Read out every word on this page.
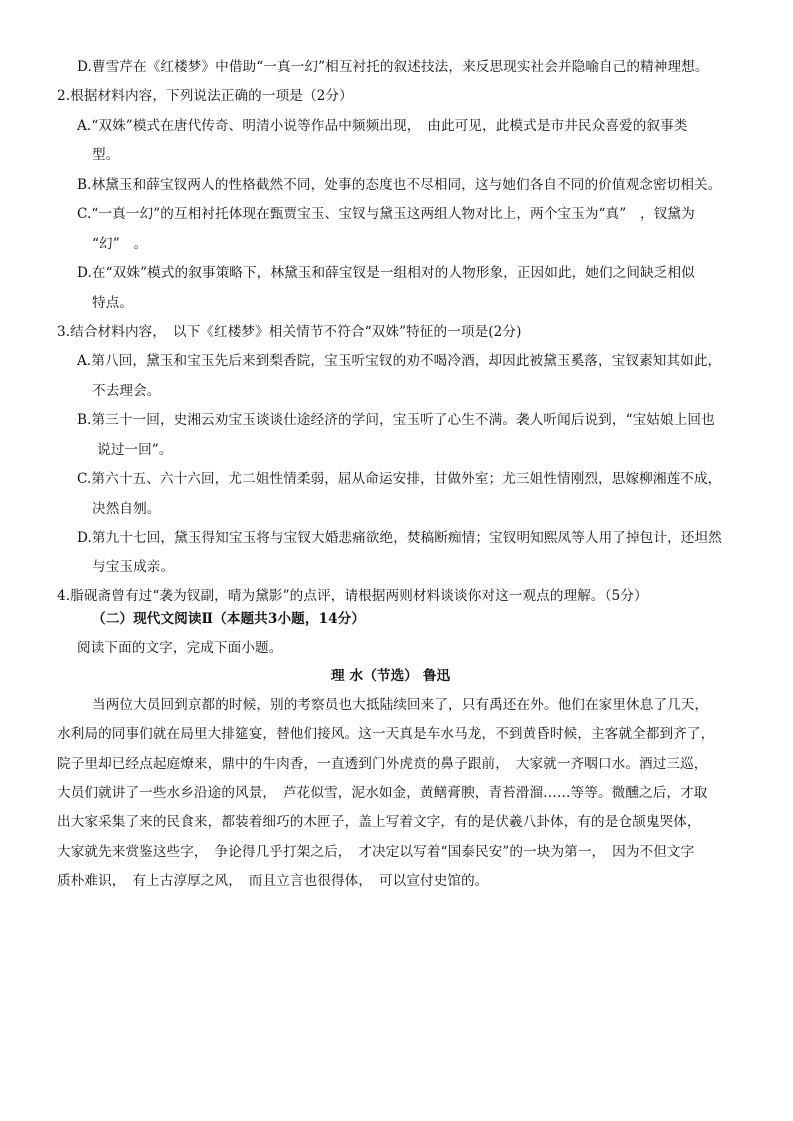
D.曹雪芹在《红楼梦》中借助“一真一幻”相互衬托的叙述技法，来反思现实社会并隐喻自己的精神理想。
2.根据材料内容，下列说法正确的一项是（2分）
A.“双姝”模式在唐代传奇、明清小说等作品中频频出现，　由此可见，此模式是市井民众喜爱的叙事类
型。
B.林黛玉和薛宝钗两人的性格截然不同，处事的态度也不尽相同，这与她们各自不同的价值观念密切相关。
C.“一真一幻”的互相衬托体现在甄贾宝玉、宝钗与黛玉这两组人物对比上，两个宝玉为“真”　，钗黛为
“幻”　。
D.在“双姝”模式的叙事策略下，林黛玉和薛宝钗是一组相对的人物形象，正因如此，她们之间缺乏相似
特点。
3.结合材料内容，　以下《红楼梦》相关情节不符合“双姝”特征的一项是(2分)
A.第八回，黛玉和宝玉先后来到梨香院，宝玉听宝钗的劝不喝冷酒，却因此被黛玉奚落，宝钗素知其如此，
不去理会。
B.第三十一回，史湘云劝宝玉谈谈仕途经济的学问，宝玉听了心生不满。袭人听闻后说到，“宝姑娘上回也
说过一回”。
C.第六十五、六十六回，尤二姐性情柔弱，屈从命运安排，甘做外室；尤三姐性情刚烈，思嫁柳湘莲不成，
决然自刎。
D.第九十七回，黛玉得知宝玉将与宝钗大婚悲痛欲绝，焚稿断痴情；宝钗明知熙凤等人用了掉包计，还坦然
与宝玉成亲。
4.脂砚斋曾有过“袭为钗副，晴为黛影”的点评，请根据两则材料谈谈你对这一观点的理解。（5分）
（二）现代文阅读Ⅱ（本题共3小题，14分）
阅读下面的文字，完成下面小题。
理 水（节选） 鲁迅
当两位大员回到京都的时候，别的考察员也大抵陆续回来了，只有禹还在外。他们在家里休息了几天，
水利局的同事们就在局里大排筵宴，替他们接风。这一天真是车水马龙，不到黄昏时候，主客就全都到齐了，
院子里却已经点起庭燎来，鼎中的牛肉香，一直透到门外虎贲的鼻子跟前，　大家就一齐咽口水。酒过三巡，
大员们就讲了一些水乡沿途的风景，　芦花似雪，泥水如金，黄鳝膏腴，青苔滑溜……等等。微醺之后，才取
出大家采集了来的民食来，都装着细巧的木匣子，盖上写着文字，有的是伏羲八卦体，有的是仓颉鬼哭体，
大家就先来赏鉴这些字，　争论得几乎打架之后，　才决定以写着“国泰民安”的一块为第一，　因为不但文字
质朴难识，　有上古淳厚之风，　而且立言也很得体，　可以宣付史馆的。
